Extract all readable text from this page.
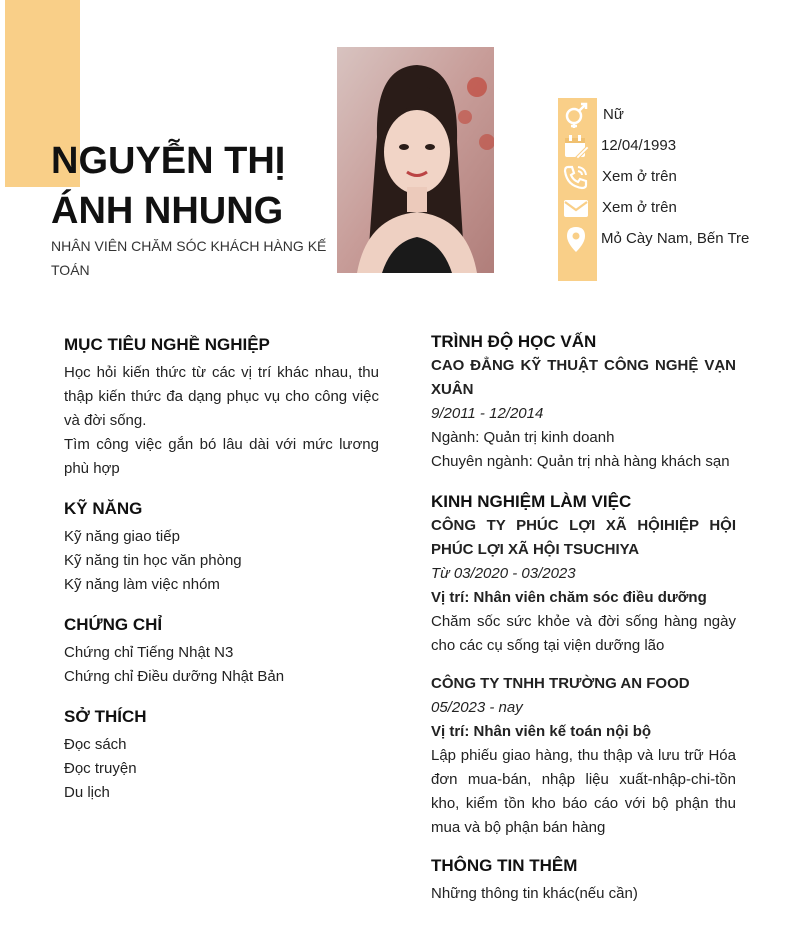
NGUYỄN THỊ
ÁNH NHUNG
NHÂN VIÊN CHĂM SÓC KHÁCH HÀNG KẾ TOÁN
Nữ
12/04/1993
Xem ở trên
Xem ở trên
Mỏ Cày Nam, Bến Tre
MỤC TIÊU NGHỀ NGHIỆP

Học hỏi kiến thức từ các vị trí khác nhau, thu thập kiến thức đa dạng phục vụ cho công việc và đời sống.

Tìm công việc gắn bó lâu dài với mức lương phù hợp

KỸ NĂNG

Kỹ năng giao tiếp

Kỹ năng tin học văn phòng

Kỹ năng làm việc nhóm

CHỨNG CHỈ

Chứng chỉ Tiếng Nhật N3

Chứng chỉ Điều dưỡng Nhật Bản

SỞ THÍCH

Đọc sách

Đọc truyện

Du lịch

TRÌNH ĐỘ HỌC VẤN

CAO ĐẲNG KỸ THUẬT CÔNG NGHỆ VẠN XUÂN

9/2011 - 12/2014

Ngành: Quản trị kinh doanh

Chuyên ngành: Quản trị nhà hàng khách sạn

KINH NGHIỆM LÀM VIỆC

CÔNG TY PHÚC LỢI XÃ HỘIHIỆP HỘI PHÚC LỢI XÃ HỘI TSUCHIYA

Từ 03/2020 - 03/2023

Vị trí: Nhân viên chăm sóc điều dưỡng

Chăm sốc sức khỏe và đời sống hàng ngày cho các cụ sống tại viện dưỡng lão

CÔNG TY TNHH TRƯỜNG AN FOOD

05/2023 - nay

Vị trí: Nhân viên kế toán nội bộ

Lập phiếu giao hàng, thu thập và lưu trữ Hóa đơn mua-bán, nhập liệu xuất-nhập-chi-tồn kho, kiểm tồn kho báo cáo với bộ phận thu mua và bộ phận bán hàng

THÔNG TIN THÊM

Những thông tin khác(nếu cần)
